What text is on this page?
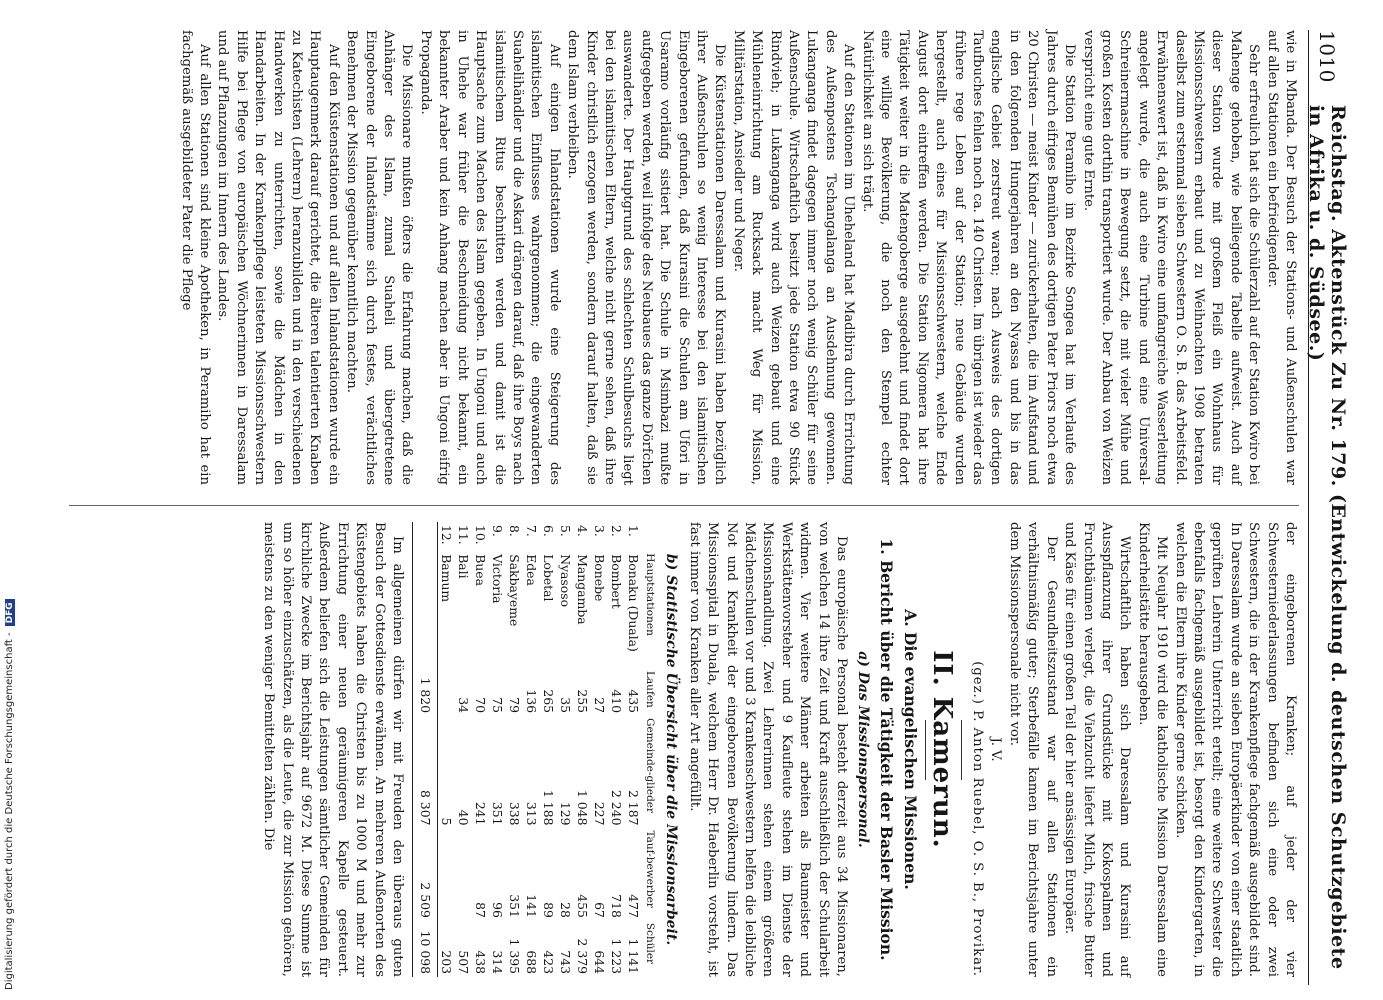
Digitalisierung gefördert durch die Deutsche Forschungsgemeinschaft -DFG
1010
Reichstag. Aktenstück Zu Nr. 179. (Entwickelung d. deutschen Schutzgebiete in Afrika u. d. Südsee.)

wie in Mbanda. Der Besuch der Stations- und Außenschulen war auf allen Stationen ein befriedigender.

Sehr erfreulich hat sich die Schülerzahl auf der Station Kwiro bei Mahenge gehoben, wie beiliegende Tabelle aufweist. Auch auf dieser Station wurde mit großem Fleiß ein Wohnhaus für Missionsschwestern erbaut und zu Weihnachten 1908 betraten daselbst zum erstenmal sieben Schwestern O. S. B. das Arbeitsfeld. Erwähnenswert ist, daß in Kwiro eine umfangreiche Wasserleitung angelegt wurde, die auch eine Turbine und eine Universal-Schreinermaschine in Bewegung setzt, die mit vieler Mühe und großen Kosten dorthin transportiert wurde. Der Anbau von Weizen verspricht eine gute Ernte.

Die Station Peramiho im Bezirke Songea hat im Verlaufe des Jahres durch eifriges Bemühen des dortigen Pater Priors noch etwa 20 Christen — meist Kinder — zurückerhalten, die im Aufstand und in den folgenden Hungerjahren an den Nyassa und bis in das englische Gebiet zerstreut waren; nach Ausweis des dortigen Taufbuches fehlen noch ca. 140 Christen. Im übrigen ist wieder das frühere rege Leben auf der Station; neue Gebäude wurden hergestellt, auch eines für Missionsschwestern, welche Ende August dort eintreffen werden. Die Station Nigomera hat ihre Tätigkeit weiter in die Matengoberge ausgedehnt und findet dort eine willige Bevölkerung, die noch den Stempel echter Natürlichkeit an sich trägt.

Auf den Stationen im Uheheland hat Madibira durch Errichtung des Außenpostens Tschangalanga an Ausdehnung gewonnen. Lukanganga findet dagegen immer noch wenig Schüler für seine Außenschule. Wirtschaftlich besitzt jede Station etwa 90 Stück Rindvieh; in Lukanganga wird auch Weizen gebaut und eine Mühleneinrichtung am Rucksack macht Weg für Mission, Militärstation, Ansiedler und Neger.

Die Küstenstationen Daressalam und Kurasini haben bezüglich ihrer Außenschulen so wenig Interesse bei den islamitischen Eingeborenen gefunden, daß Kurasini die Schulen am Ufori in Usaramo vorläufig sistiert hat. Die Schule in Msimbazi mußte aufgegeben werden, weil infolge des Neubaues das ganze Dörfchen auswanderte. Der Hauptgrund des schlechten Schulbesuchs liegt bei den islamitischen Eltern, welche nicht gerne sehen, daß ihre Kinder christlich erzogen werden, sondern darauf halten, daß sie dem Islam verbleiben.

Auf einigen Inlandstationen wurde eine Steigerung des islamitischen Einflusses wahrgenommen; die eingewanderten Suahelihändler und die Askari drängen darauf, daß ihre Boys nach islamitischem Ritus beschnitten werden und damit ist die Hauptsache zum Machen des Islam gegeben. In Ungoni und auch in Uhehe war früher die Beschneidung nicht bekannt, ein bekannter Araber und kein Anhang machen aber in Ungoni eifrig Propaganda.

Die Missionare mußten öfters die Erfahrung machen, daß die Anhänger des Islam, zumal Suaheli und übergetretene Eingeborene der Inlandstämme sich durch festes, verächtliches Benehmen der Mission gegenüber kenntlich machten.

Auf den Küstenstationen und auf allen Inlandstationen wurde ein Hauptaugenmerk darauf gerichtet, die älteren talentierten Knaben zu Katechisten (Lehrern) heranzubilden und in den verschiedenen Handwerken zu unterrichten, sowie die Mädchen in den Handarbeiten. In der Krankenpflege leisteten Missionsschwestern Hilfe bei Pflege von europäischen Wöchnerinnen in Daressalam und auf Pflanzungen im Innern des Landes.

Auf allen Stationen sind kleine Apotheken, in Peramiho hat ein fachgemäß ausgebildeter Pater die Pflege

der eingeborenen Kranken; auf jeder der vier Schwesterniederlassungen befinden sich eine oder zwei Schwestern, die in der Krankenpflege fachgemäß ausgebildet sind. In Daressalam wurde an sieben Europäerkinder von einer staatlich geprüften Lehrerin Unterricht erteilt; eine weitere Schwester die ebenfalls fachgemäß ausgebildet ist, besorgt den Kindergarten, in welchen die Eltern ihre Kinder gerne schicken.

Mit Neujahr 1910 wird die katholische Mission Daressalam eine Kinderheilstätte herausgeben.

Wirtschaftlich haben sich Daressalam und Kurasini auf Ausspflanzung ihrer Grundstücke mit Kokospalmen und Fruchtbäumen verlegt, die Viehzucht liefert Milch, frische Butter und Käse für einen großen Teil der hier ansässigen Europäer.

Der Gesundheitszustand war auf allen Stationen ein verhältnismäßig guter; Sterbefälle kamen im Berichtsjahre unter dem Missionspersonale nicht vor.

J. V.

(gez.) P. Anton Ruebel, O. S. B., Provikar.

II. Kamerun.
A. Die evangelischen Missionen.
1. Bericht über die Tätigkeit der Basler Mission.
a) Das Missionspersonal.

Das europäische Personal besteht derzeit aus 34 Missionaren, von welchen 14 ihre Zeit und Kraft ausschließlich der Schularbeit widmen. Vier weitere Männer arbeiten als Baumeister und Werkstättenvorsteher und 9 Kaufleute stehen im Dienste der Missionshandlung. Zwei Lehrerinnen stehen einem größeren Mädchenschulen vor und 3 Krankenschwestern helfen die leibliche Not und Krankheit der eingeborenen Bevölkerung lindern. Das Missionsspital in Duala, welchem Herr Dr. Haeberlin vorsteht, ist fast immer von Kranken aller Art angefüllt.

b) Statistische Übersicht über die Missionsarbeit.
	Hauptstationen	Laufen	Gemeinde-glieder	Tauf-bewerber	Schüler
1.	Bonaku (Duala)	435	2 187	477	1 141
2.	Bombert	410	2 240	718	1 223
3.	Bonebe	27	227	67	644
4.	Mangamba	255	1 048	455	2 379
5.	Nyasoso	35	129	28	743
6.	Lobetal	265	1 188	89	423
7.	Edea	136	313	141	688
8.	Sakbayeme	79	338	351	1 395
9.	Victoria	75	351	96	314
10.	Buea	70	241	87	438
11.	Bali	34	40		507
12.	Bamum		5		203
		1 820	8 307	2 509	10 098

Im allgemeinen dürfen wir mit Freuden den überaus guten Besuch der Gottesdienste erwähnen. An mehreren Außenorten des Küstengebiets haben die Christen bis zu 1000 M und mehr zur Errichtung einer neuen geräumigeren Kapelle gesteuert. Außerdem beliefen sich die Leistungen sämtlicher Gemeinden für kirchliche Zwecke im Berichtsjahr auf 9672 M. Diese Summe ist um so höher einzuschätzen, als die Leute, die zur Mission gehören, meistens zu den weniger Bemittelten zählen. Die
